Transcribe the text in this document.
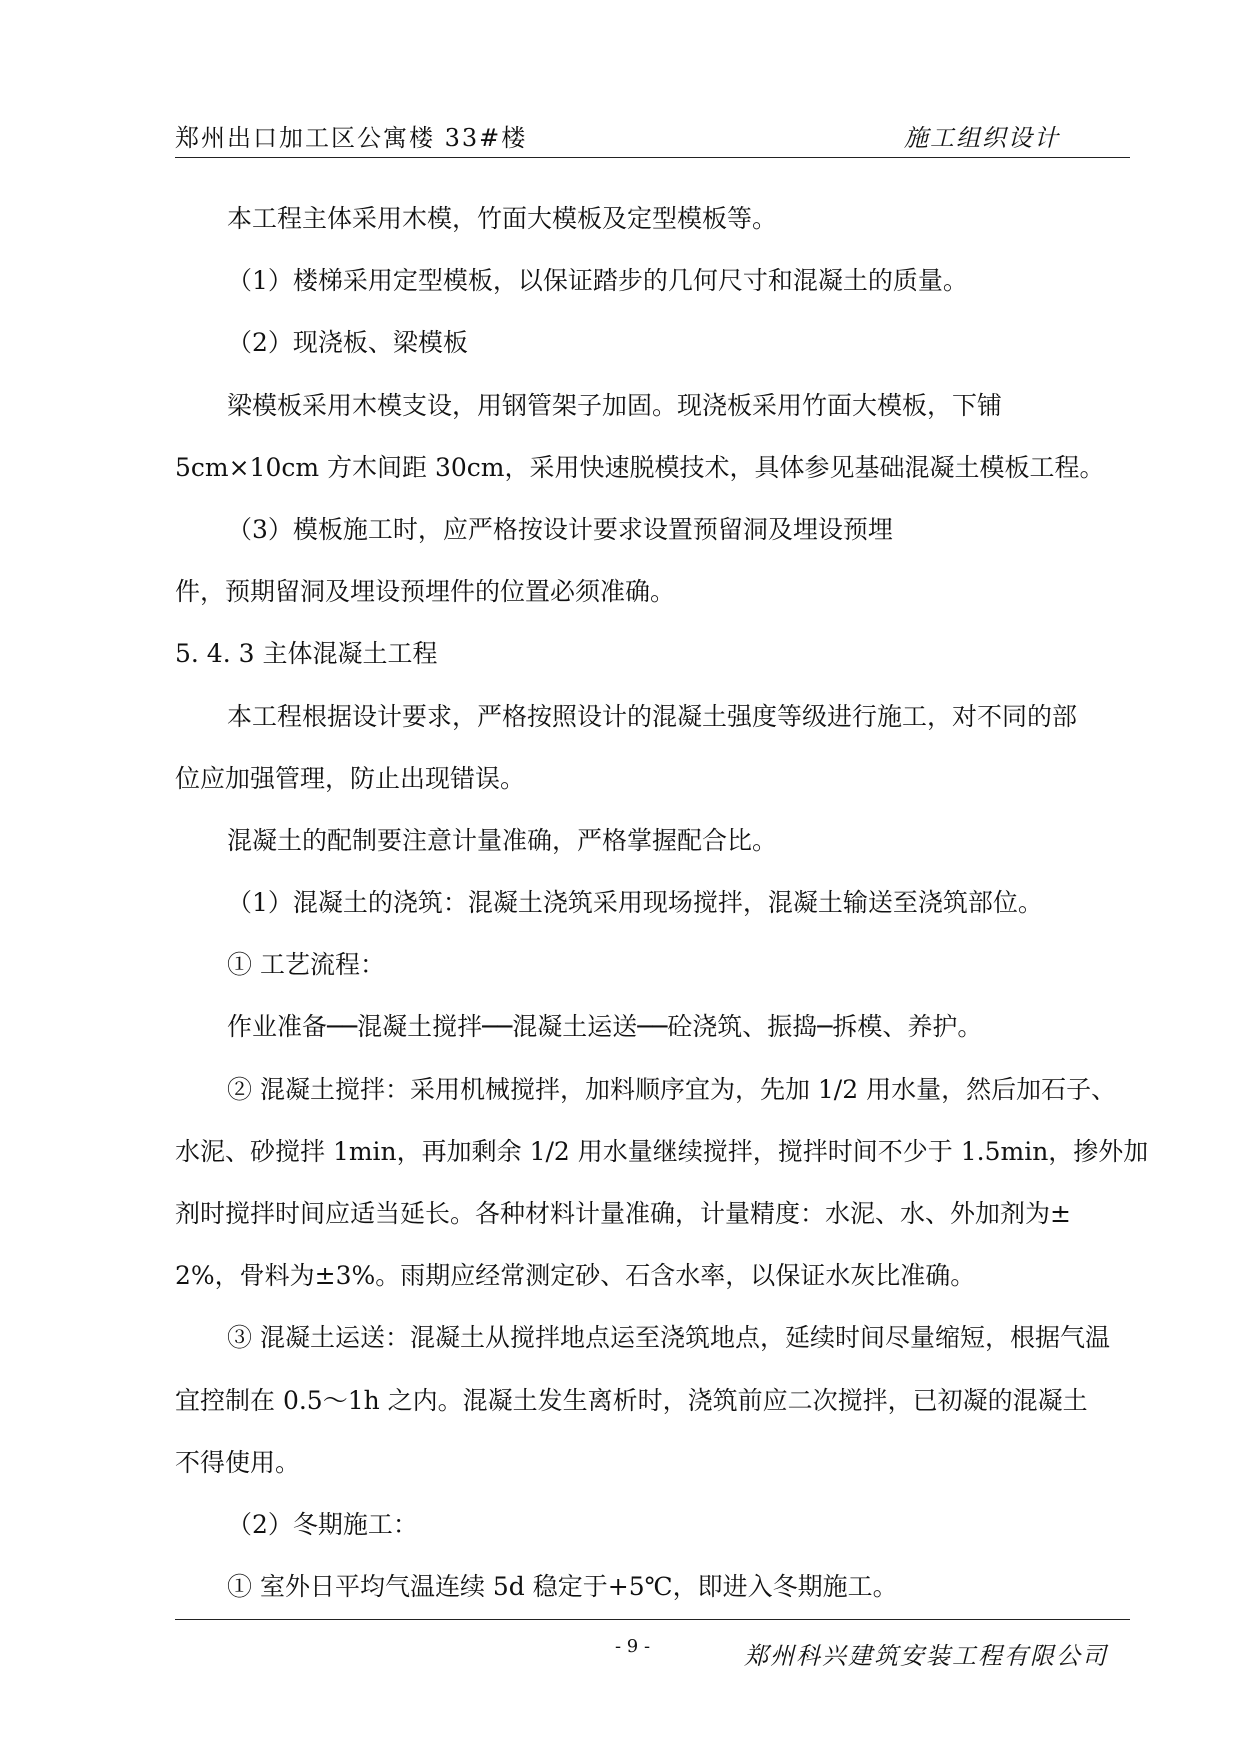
郑州出口加工区公寓楼 33#楼	施工组织设计
本工程主体采用木模，竹面大模板及定型模板等。
（1）楼梯采用定型模板，以保证踏步的几何尺寸和混凝土的质量。
（2）现浇板、梁模板
梁模板采用木模支设，用钢管架子加固。现浇板采用竹面大模板，下铺
5cm×10cm 方木间距 30cm，采用快速脱模技术，具体参见基础混凝土模板工程。
（3）模板施工时，应严格按设计要求设置预留洞及埋设预埋
件，预期留洞及埋设预埋件的位置必须准确。
5. 4. 3 主体混凝土工程
本工程根据设计要求，严格按照设计的混凝土强度等级进行施工，对不同的部
位应加强管理，防止出现错误。
混凝土的配制要注意计量准确，严格掌握配合比。
（1）混凝土的浇筑：混凝土浇筑采用现场搅拌，混凝土输送至浇筑部位。
① 工艺流程：
作业准备──混凝土搅拌──混凝土运送──砼浇筑、振捣─拆模、养护。
② 混凝土搅拌：采用机械搅拌，加料顺序宜为，先加 1/2 用水量，然后加石子、
水泥、砂搅拌 1min，再加剩余 1/2 用水量继续搅拌，搅拌时间不少于 1.5min，掺外加
剂时搅拌时间应适当延长。各种材料计量准确，计量精度：水泥、水、外加剂为±
2%，骨料为±3%。雨期应经常测定砂、石含水率，以保证水灰比准确。
③ 混凝土运送：混凝土从搅拌地点运至浇筑地点，延续时间尽量缩短，根据气温
宜控制在 0.5～1h 之内。混凝土发生离析时，浇筑前应二次搅拌，已初凝的混凝土
不得使用。
（2）冬期施工：
① 室外日平均气温连续 5d 稳定于+5℃，即进入冬期施工。
- 9 -	郑州科兴建筑安装工程有限公司
